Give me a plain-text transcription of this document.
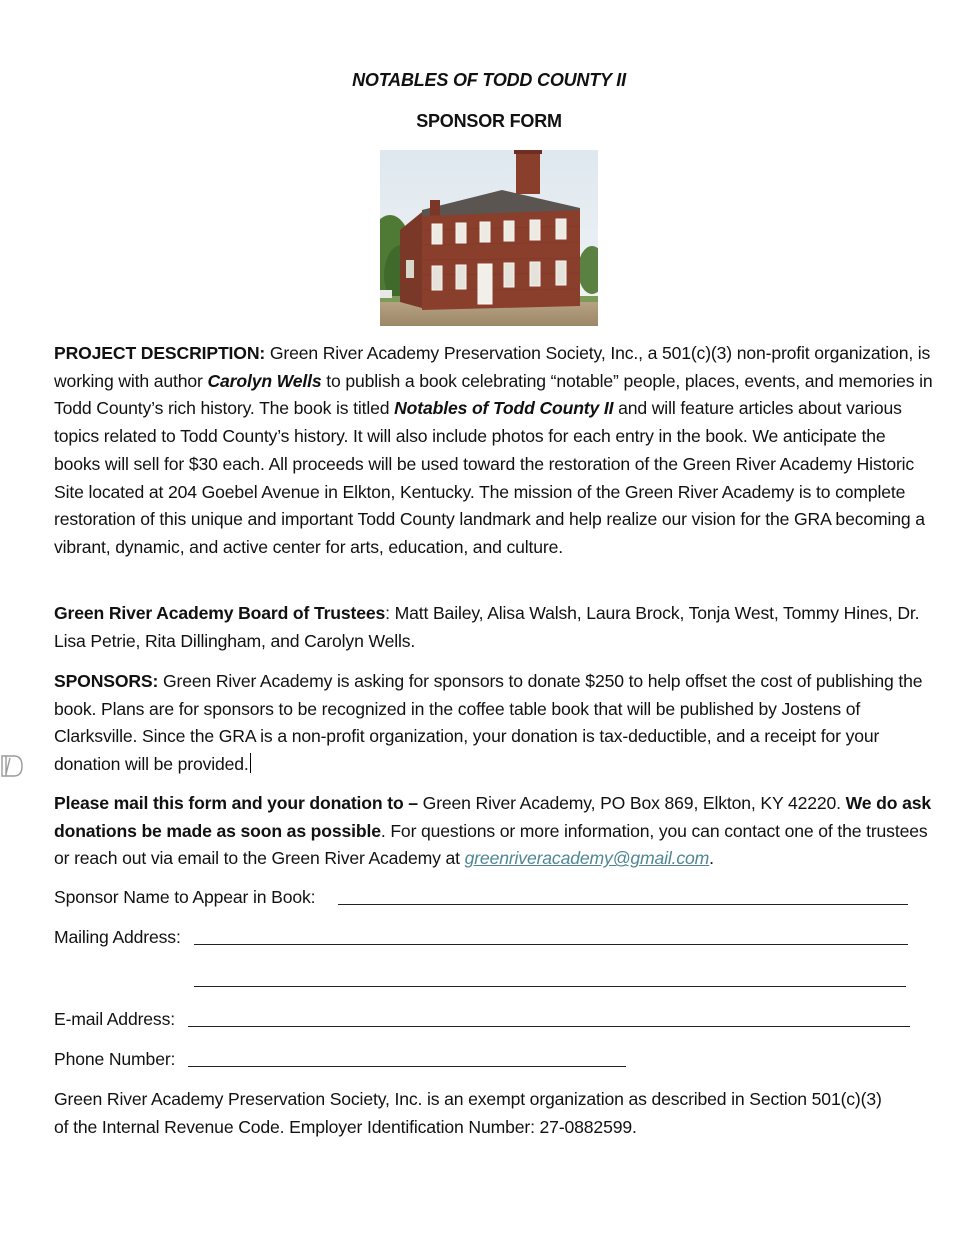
NOTABLES OF TODD COUNTY II
SPONSOR FORM
PROJECT DESCRIPTION: Green River Academy Preservation Society, Inc., a 501(c)(3) non-profit organization, is working with author Carolyn Wells to publish a book celebrating “notable” people, places, events, and memories in Todd County’s rich history. The book is titled Notables of Todd County II and will feature articles about various topics related to Todd County’s history. It will also include photos for each entry in the book. We anticipate the books will sell for $30 each. All proceeds will be used toward the restoration of the Green River Academy Historic Site located at 204 Goebel Avenue in Elkton, Kentucky. The mission of the Green River Academy is to complete restoration of this unique and important Todd County landmark and help realize our vision for the GRA becoming a vibrant, dynamic, and active center for arts, education, and culture.
Green River Academy Board of Trustees: Matt Bailey, Alisa Walsh, Laura Brock, Tonja West, Tommy Hines, Dr. Lisa Petrie, Rita Dillingham, and Carolyn Wells.
SPONSORS: Green River Academy is asking for sponsors to donate $250 to help offset the cost of publishing the book. Plans are for sponsors to be recognized in the coffee table book that will be published by Jostens of Clarksville. Since the GRA is a non-profit organization, your donation is tax-deductible, and a receipt for your donation will be provided.
Please mail this form and your donation to – Green River Academy, PO Box 869, Elkton, KY 42220. We do ask donations be made as soon as possible. For questions or more information, you can contact one of the trustees or reach out via email to the Green River Academy at greenriveracademy@gmail.com.
Sponsor Name to Appear in Book:
Mailing Address:
E-mail Address:
Phone Number:
Green River Academy Preservation Society, Inc. is an exempt organization as described in Section 501(c)(3) of the Internal Revenue Code. Employer Identification Number: 27-0882599.
